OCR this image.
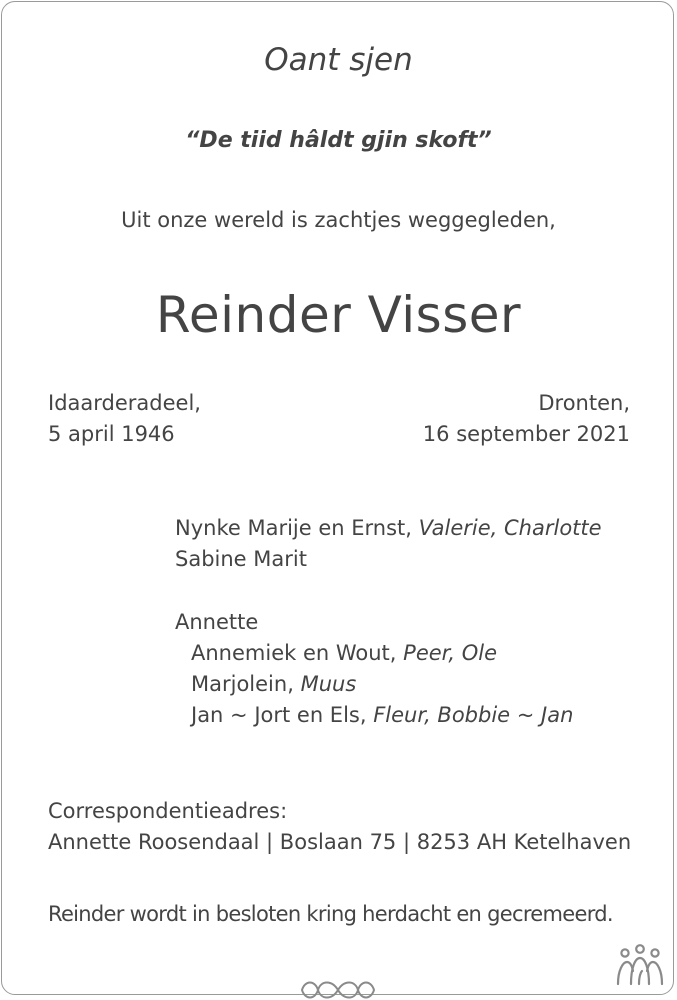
Oant sjen
“De tiid hâldt gjin skoft”
Uit onze wereld is zachtjes weggegleden,
Reinder Visser
Idaarderadeel,
5 april 1946
Dronten,
16 september 2021
Nynke Marije en Ernst, Valerie, Charlotte
Sabine Marit
Annette
Annemiek en Wout, Peer, Ole
Marjolein, Muus
Jan ~ Jort en Els, Fleur, Bobbie ~ Jan
Correspondentieadres:
Annette Roosendaal | Boslaan 75 | 8253 AH Ketelhaven
Reinder wordt in besloten kring herdacht en gecremeerd.
